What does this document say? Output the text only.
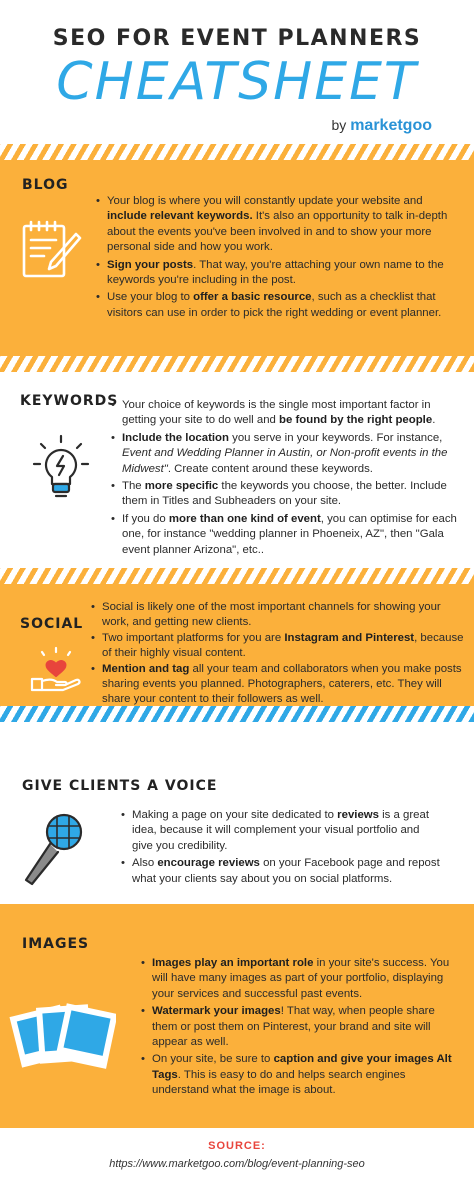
SEO FOR EVENT PLANNERS
CHEATSHEET
by marketgoo
BLOG
• Your blog is where you will constantly update your website and include relevant keywords. It's also an opportunity to talk in-depth about the events you've been involved in and to show your more personal side and how you work.
• Sign your posts. That way, you're attaching your own name to the keywords you're including in the post.
• Use your blog to offer a basic resource, such as a checklist that visitors can use in order to pick the right wedding or event planner.
KEYWORDS
• Your choice of keywords is the single most important factor in getting your site to do well and be found by the right people.
• Include the location you serve in your keywords. For instance, Event and Wedding Planner in Austin, or Non-profit events in the Midwest". Create content around these keywords.
• The more specific the keywords you choose, the better. Include them in Titles and Subheaders on your site.
• If you do more than one kind of event, you can optimise for each one, for instance "wedding planner in Phoeneix, AZ", then "Gala event planner Arizona", etc..
SOCIAL
• Social is likely one of the most important channels for showing your work, and getting new clients.
• Two important platforms for you are Instagram and Pinterest, because of their highly visual content.
• Mention and tag all your team and collaborators when you make posts sharing events you planned. Photographers, caterers, etc. They will share your content to their followers as well.
•
GIVE CLIENTS A VOICE
• Making a page on your site dedicated to reviews is a great idea, because it will complement your visual portfolio and give you credibility.
• Also encourage reviews on your Facebook page and repost what your clients say about you on social platforms.
IMAGES
• Images play an important role in your site's success. You will have many images as part of your portfolio, displaying your services and successful past events.
• Watermark your images! That way, when people share them or post them on Pinterest, your brand and site will appear as well.
• On your site, be sure to caption and give your images Alt Tags. This is easy to do and helps search engines understand what the image is about.
SOURCE:
https://www.marketgoo.com/blog/event-planning-seo
